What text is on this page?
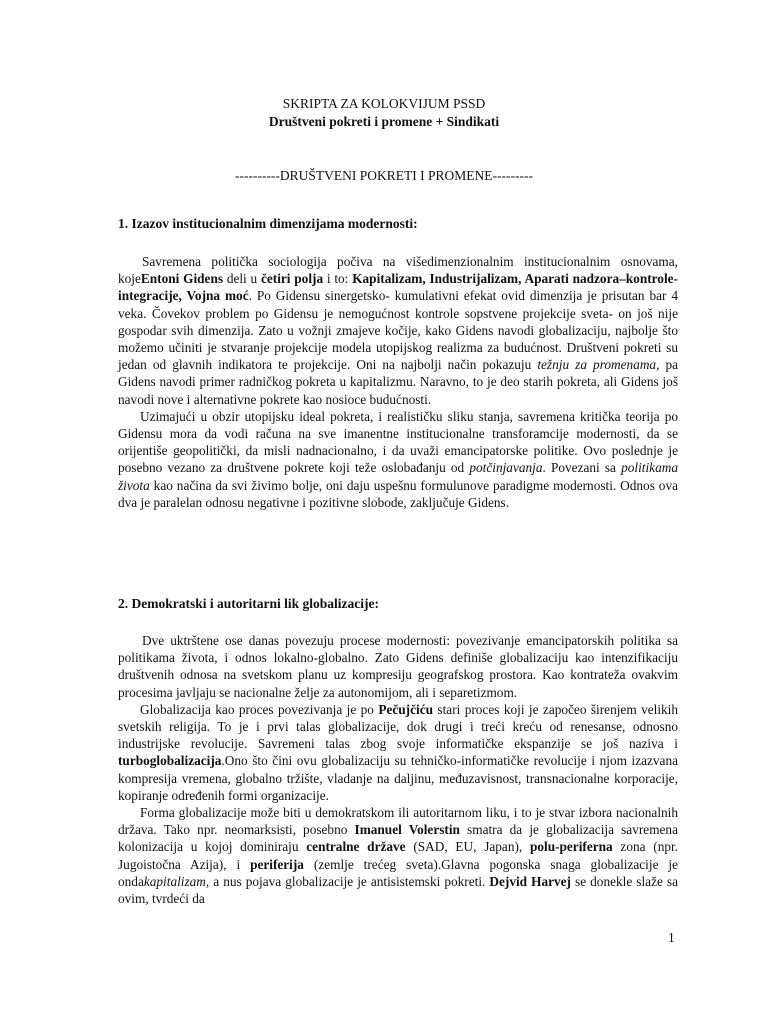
SKRIPTA ZA KOLOKVIJUM PSSD
Društveni pokreti i promene + Sindikati
----------DRUŠTVENI POKRETI I PROMENE---------
1. Izazov institucionalnim dimenzijama modernosti:

Savremena politička sociologija počiva na višedimenzionalnim institucionalnim osnovama, kojeEntoni Gidens deli u četiri polja i to: Kapitalizam, Industrijalizam, Aparati nadzora–kontrole-integracije, Vojna moć. Po Gidensu sinergetsko- kumulativni efekat ovid dimenzija je prisutan bar 4 veka. Čovekov problem po Gidensu je nemogućnost kontrole sopstvene projekcije sveta- on još nije gospodar svih dimenzija. Zato u vožnji zmajeve kočije, kako Gidens navodi globalizaciju, najbolje što možemo učiniti je stvaranje projekcije modela utopijskog realizma za budućnost. Društveni pokreti su jedan od glavnih indikatora te projekcije. Oni na najbolji način pokazuju težnju za promenama, pa Gidens navodi primer radničkog pokreta u kapitalizmu. Naravno, to je deo starih pokreta, ali Gidens još navodi nove i alternativne pokrete kao nosioce budućnosti.

Uzimajući u obzir utopijsku ideal pokreta, i realističku sliku stanja, savremena kritička teorija po Gidensu mora da vodi računa na sve imanentne institucionalne transforamcije modernosti, da se orijentiše geopolitički, da misli nadnacionalno, i da uvaži emancipatorske politike. Ovo poslednje je posebno vezano za društvene pokrete koji teže oslobađanju od potčinjavanja. Povezani sa politikama života kao načina da svi živimo bolje, oni daju uspešnu formulunove paradigme modernosti. Odnos ova dva je paralelan odnosu negativne i pozitivne slobode, zaključuje Gidens.

2. Demokratski i autoritarni lik globalizacije:

Dve uktrštene ose danas povezuju procese modernosti: povezivanje emancipatorskih politika sa politikama života, i odnos lokalno-globalno. Zato Gidens definiše globalizaciju kao intenzifikaciju društvenih odnosa na svetskom planu uz kompresiju geografskog prostora. Kao kontrateža ovakvim procesima javljaju se nacionalne želje za autonomijom, ali i separetizmom.

Globalizacija kao proces povezivanja je po Pečujčiću stari proces koji je započeo širenjem velikih svetskih religija. To je i prvi talas globalizacije, dok drugi i treći kreću od renesanse, odnosno industrijske revolucije. Savremeni talas zbog svoje informatičke ekspanzije se još naziva i turboglobalizacija.Ono što čini ovu globalizaciju su tehničko-informatičke revolucije i njom izazvana kompresija vremena, globalno tržište, vladanje na daljinu, međuzavisnost, transnacionalne korporacije, kopiranje određenih formi organizacije.

Forma globalizacije može biti u demokratskom ili autoritarnom liku, i to je stvar izbora nacionalnih država. Tako npr. neomarksisti, posebno Imanuel Volerstin smatra da je globalizacija savremena kolonizacija u kojoj dominiraju centralne države (SAD, EU, Japan), polu-periferna zona (npr. Jugoistočna Azija), i periferija (zemlje trećeg sveta).Glavna pogonska snaga globalizacije je ondakapitalizam, a nus pojava globalizacije je antisistemski pokreti. Dejvid Harvej se donekle slaže sa ovim, tvrdeći da

1
